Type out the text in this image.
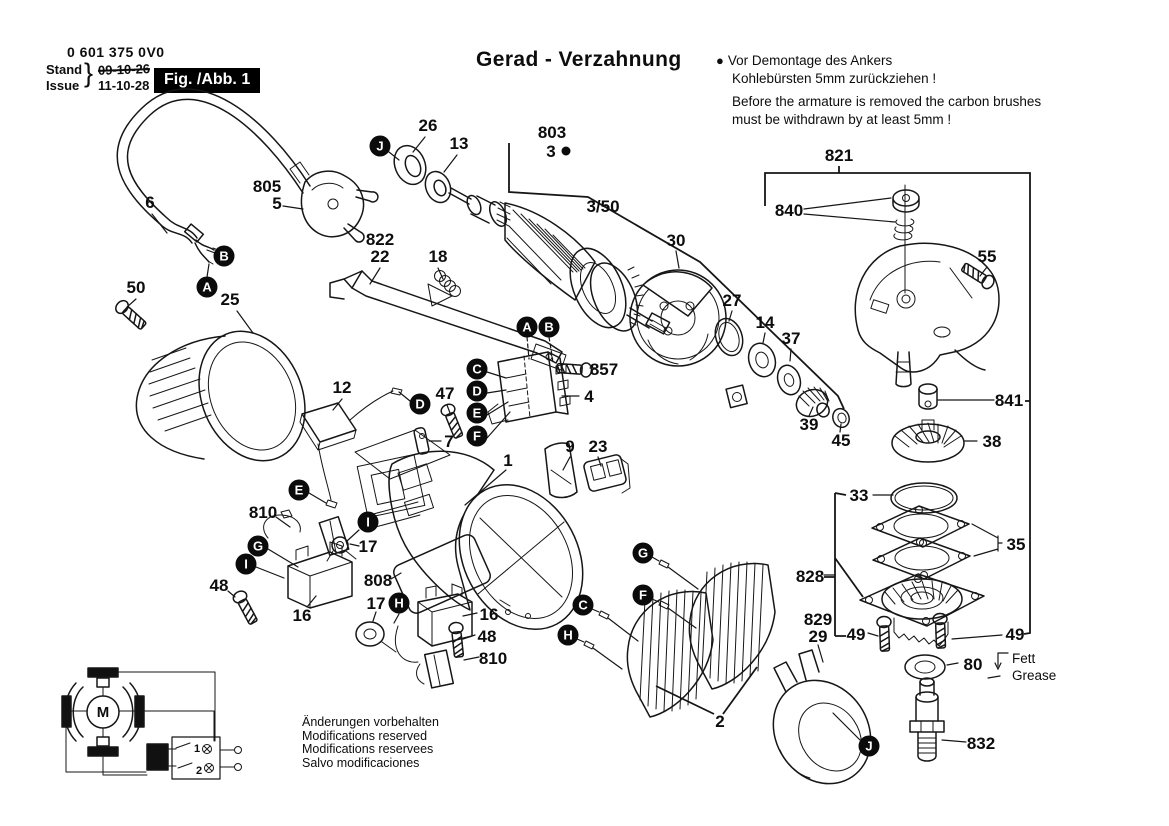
0 601 375 0V0
Stand
Issue } 09-10-26
11-10-28 Fig. /Abb. 1
Gerad - Verzahnung	● Vor Demontage des Ankers
Kohlebürsten 5mm zurückziehen !
Before the armature is removed the carbon brushes
must be withdrawn by at least 5mm !
Änderungen vorbehalten
Modifications reserved
Modifications reservees
Salvo modificaciones
26
13
803
3
3/50
805
5
6
50
25
822
22 18
12	47
7
857
4
9 23
1
810
17
48
16
808
17
16
48
810
2
30
27
14
37
39
45
821
840
55
841
38
33
35
828
49	49
80
829
29
832
Fett
Grease
M
1
2
J
B
A
A B
C
D
E
F
D
E
I
G
I
H
G
F
C
H
J
